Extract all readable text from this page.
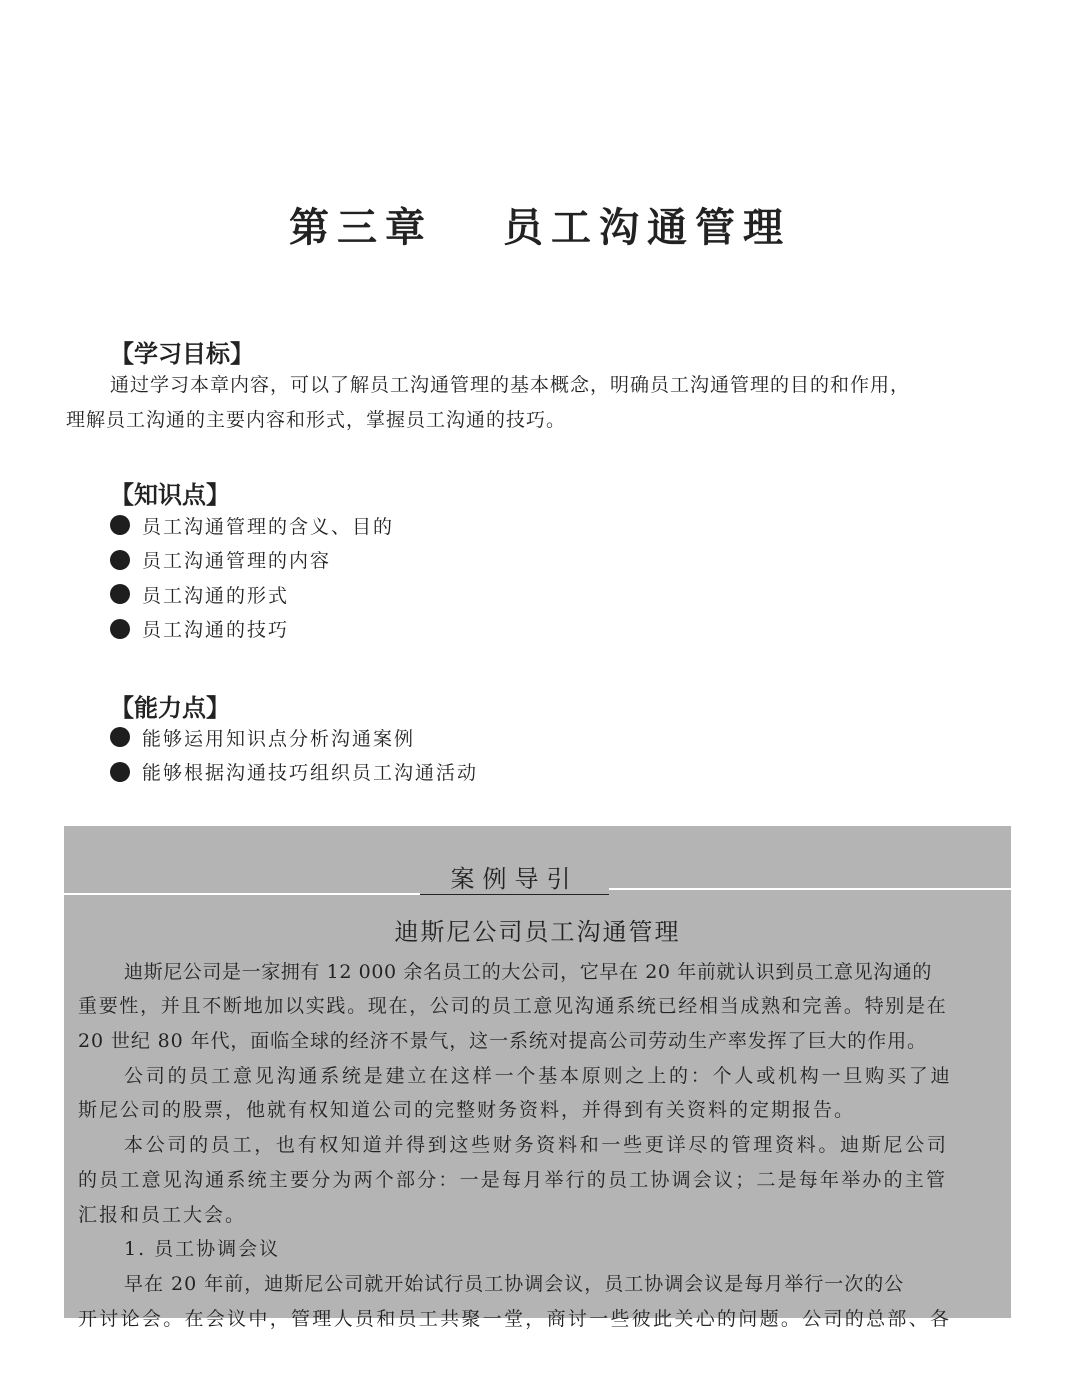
第三章　 员工沟通管理
【学习目标】
通过学习本章内容，可以了解员工沟通管理的基本概念，明确员工沟通管理的目的和作用，
理解员工沟通的主要内容和形式，掌握员工沟通的技巧。
【知识点】
员工沟通管理的含义、目的
员工沟通管理的内容
员工沟通的形式
员工沟通的技巧
【能力点】
能够运用知识点分析沟通案例
能够根据沟通技巧组织员工沟通活动
案例导引
迪斯尼公司员工沟通管理
迪斯尼公司是一家拥有 12 000 余名员工的大公司，它早在 20 年前就认识到员工意见沟通的
重要性，并且不断地加以实践。现在，公司的员工意见沟通系统已经相当成熟和完善。特别是在
20 世纪 80 年代，面临全球的经济不景气，这一系统对提高公司劳动生产率发挥了巨大的作用。
公司的员工意见沟通系统是建立在这样一个基本原则之上的：个人或机构一旦购买了迪
斯尼公司的股票，他就有权知道公司的完整财务资料，并得到有关资料的定期报告。
本公司的员工，也有权知道并得到这些财务资料和一些更详尽的管理资料。迪斯尼公司
的员工意见沟通系统主要分为两个部分：一是每月举行的员工协调会议；二是每年举办的主管
汇报和员工大会。
1. 员工协调会议
早在 20 年前，迪斯尼公司就开始试行员工协调会议，员工协调会议是每月举行一次的公
开讨论会。在会议中，管理人员和员工共聚一堂，商讨一些彼此关心的问题。公司的总部、各
